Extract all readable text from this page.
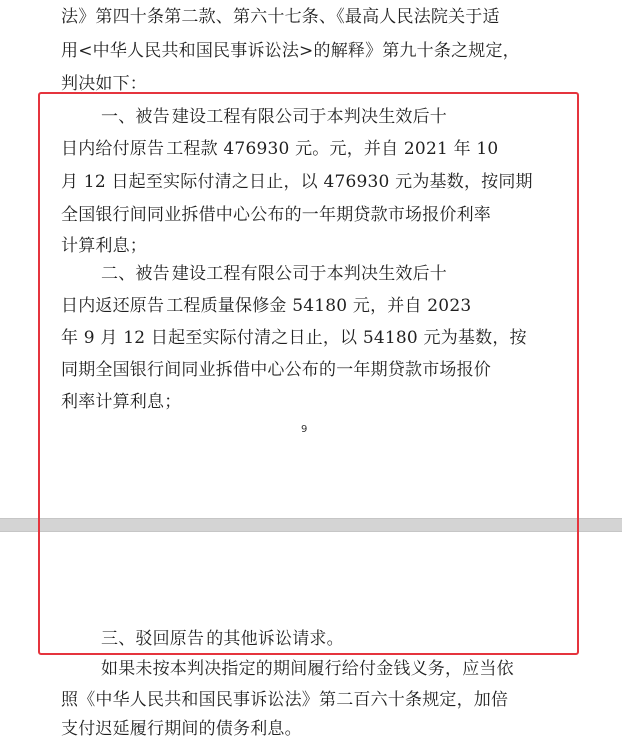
法》第四十条第二款、第六十七条、《最高人民法院关于适
用<中华人民共和国民事诉讼法>的解释》第九十条之规定，
判决如下：
一、被告 建设工程有限公司于本判决生效后十
日内给付原告 工程款 476930 元。元，并自 2021 年 10
月 12 日起至实际付清之日止，以 476930 元为基数，按同期
全国银行间同业拆借中心公布的一年期贷款市场报价利率
计算利息；
二、被告 建设工程有限公司于本判决生效后十
日内返还原告 工程质量保修金 54180 元，并自 2023
年 9 月 12 日起至实际付清之日止，以 54180 元为基数，按
同期全国银行间同业拆借中心公布的一年期贷款市场报价
利率计算利息；
9
三、驳回原告 的其他诉讼请求。
如果未按本判决指定的期间履行给付金钱义务，应当依
照《中华人民共和国民事诉讼法》第二百六十条规定，加倍
支付迟延履行期间的债务利息。
